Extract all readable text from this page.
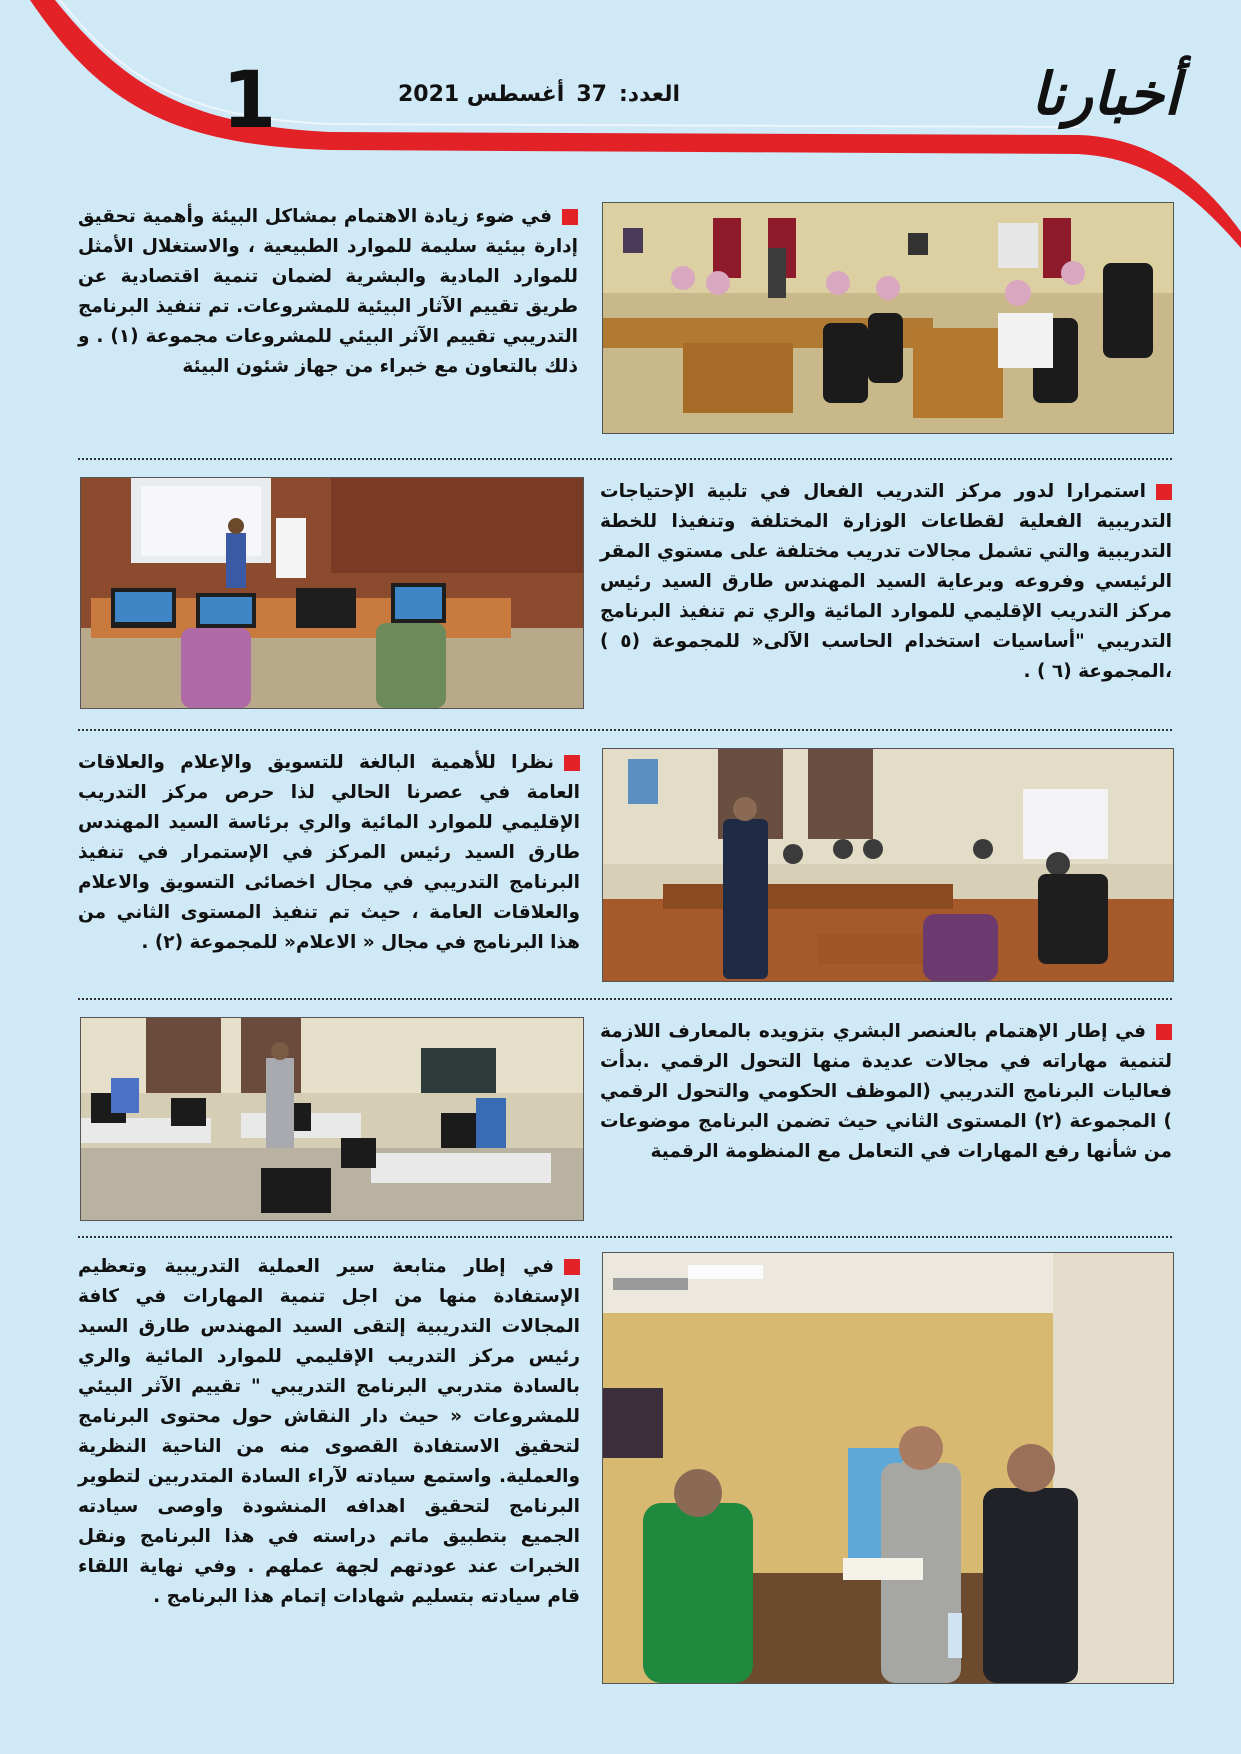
1	العدد:37أغسطس 2021	أخبارنا
في ضوء زيادة الاهتمام بمشاكل البيئة وأهمية تحقيق إدارة بيئية سليمة للموارد الطبيعية ، والاستغلال الأمثل للموارد المادية والبشرية لضمان تنمية اقتصادية عن طريق تقييم الآثار البيئية للمشروعات. تم تنفيذ البرنامج التدريبي تقييم الآثر البيئي للمشروعات مجموعة (١) . و ذلك بالتعاون مع خبراء من جهاز شئون البيئة
استمرارا لدور مركز التدريب الفعال في تلبية الإحتياجات التدريبية الفعلية لقطاعات الوزارة المختلفة وتنفيذا للخطة التدريبية والتي تشمل مجالات تدريب مختلفة على مستوي المقر الرئيسي وفروعه وبرعاية السيد المهندس طارق السيد رئيس مركز التدريب الإقليمي للموارد المائية والري تم تنفيذ البرنامج التدريبي "أساسيات استخدام الحاسب الآلى« للمجموعة (٥ ) ،المجموعة (٦ ) .
نظرا للأهمية البالغة للتسويق والإعلام والعلاقات العامة في عصرنا الحالي لذا حرص مركز التدريب الإقليمي للموارد المائية والري برئاسة السيد المهندس طارق السيد رئيس المركز في الإستمرار في تنفيذ البرنامج التدريبي في مجال اخصائى التسويق والاعلام والعلاقات العامة ، حيث تم تنفيذ المستوى الثاني من هذا البرنامج في مجال « الاعلام« للمجموعة (٢) .
في إطار الإهتمام بالعنصر البشري بتزويده بالمعارف اللازمة لتنمية مهاراته في مجالات عديدة منها التحول الرقمي .بدأت فعاليات البرنامج التدريبي (الموظف الحكومي والتحول الرقمي ) المجموعة (٢) المستوى الثاني حيث تضمن البرنامج موضوعات من شأنها رفع المهارات في التعامل مع المنظومة الرقمية
في إطار متابعة سير العملية التدريبية وتعظيم الإستفادة منها من اجل تنمية المهارات في كافة المجالات التدريبية إلتقى السيد المهندس طارق السيد رئيس مركز التدريب الإقليمي للموارد المائية والري بالسادة متدربي البرنامج التدريبي " تقييم الآثر البيئي للمشروعات « حيث دار النقاش حول محتوى البرنامج لتحقيق الاستفادة القصوى منه من الناحية النظرية والعملية. واستمع سيادته لآراء السادة المتدربين لتطوير البرنامج لتحقيق اهدافه المنشودة واوصى سيادته الجميع بتطبيق ماتم دراسته في هذا البرنامج ونقل الخبرات عند عودتهم لجهة عملهم . وفي نهاية اللقاء قام سيادته بتسليم شهادات إتمام هذا البرنامج .
